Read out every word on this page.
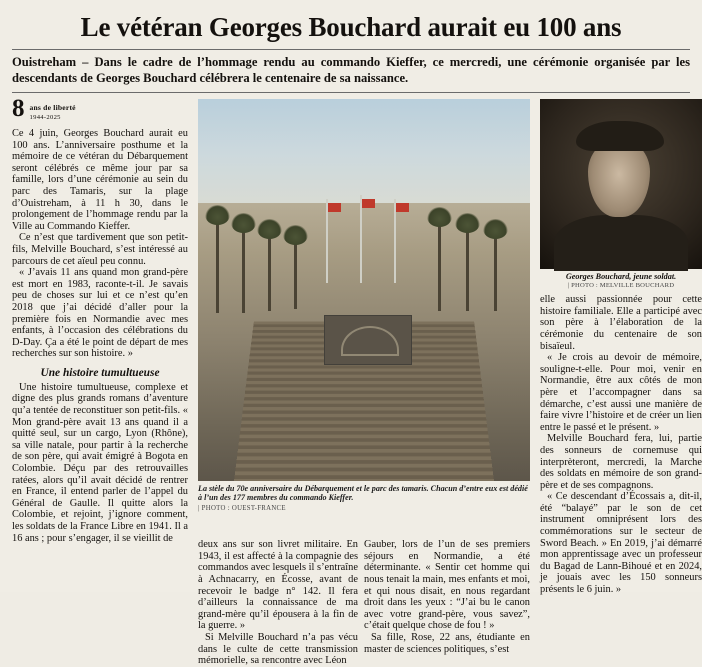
Le vétéran Georges Bouchard aurait eu 100 ans
Ouistreham – Dans le cadre de l’hommage rendu au commando Kieffer, ce mercredi, une cérémonie organisée par les descendants de Georges Bouchard célébrera le centenaire de sa naissance.
8 ans de liberté
1944-2025

Ce 4 juin, Georges Bouchard aurait eu 100 ans. L’anniversaire posthume et la mémoire de ce vétéran du Débarquement seront célébrés ce même jour par sa famille, lors d’une cérémonie au sein du parc des Tamaris, sur la plage d’Ouistreham, à 11 h 30, dans le prolongement de l’hommage rendu par la Ville au Commando Kieffer.

Ce n’est que tardivement que son petit-fils, Melville Bouchard, s’est intéressé au parcours de cet aïeul peu connu.

« J’avais 11 ans quand mon grand-père est mort en 1983, raconte-t-il. Je savais peu de choses sur lui et ce n’est qu’en 2018 que j’ai décidé d’aller pour la première fois en Normandie avec mes enfants, à l’occasion des célébrations du D-Day. Ça a été le point de départ de mes recherches sur son histoire. »

Une histoire tumultueuse

Une histoire tumultueuse, complexe et digne des plus grands romans d’aventure qu’a tentée de reconstituer son petit-fils. « Mon grand-père avait 13 ans quand il a quitté seul, sur un cargo, Lyon (Rhône), sa ville natale, pour partir à la recherche de son père, qui avait émigré à Bogota en Colombie. Déçu par des retrouvailles ratées, alors qu’il avait décidé de rentrer en France, il entend parler de l’appel du Général de Gaulle. Il quitte alors la Colombie, et rejoint, j’ignore comment, les soldats de la France Libre en 1941. Il a 16 ans ; pour s’engager, il se vieillit de

La stèle du 70e anniversaire du Débarquement et le parc des tamaris. Chacun d’entre eux est dédié à l’un des 177 membres du commando Kieffer.
| PHOTO : OUEST-FRANCE

deux ans sur son livret militaire. En 1943, il est affecté à la compagnie des commandos avec lesquels il s’entraîne à Achnacarry, en Écosse, avant de recevoir le badge n° 142. Il fera d’ailleurs la connaissance de ma grand-mère qu’il épousera à la fin de la guerre. »

Si Melville Bouchard n’a pas vécu dans le culte de cette transmission mémorielle, sa rencontre avec Léon

Gauber, lors de l’un de ses premiers séjours en Normandie, a été déterminante. « Sentir cet homme qui nous tenait la main, mes enfants et moi, et qui nous disait, en nous regardant droit dans les yeux : “J’ai bu le canon avec votre grand-père, vous savez”, c’était quelque chose de fou ! »

Sa fille, Rose, 22 ans, étudiante en master de sciences politiques, s’est

Georges Bouchard, jeune soldat.
| PHOTO : MELVILLE BOUCHARD

elle aussi passionnée pour cette histoire familiale. Elle a participé avec son père à l’élaboration de la cérémonie du centenaire de son bisaïeul.

« Je crois au devoir de mémoire, souligne-t-elle. Pour moi, venir en Normandie, être aux côtés de mon père et l’accompagner dans sa démarche, c’est aussi une manière de faire vivre l’histoire et de créer un lien entre le passé et le présent. »

Melville Bouchard fera, lui, partie des sonneurs de cornemuse qui interprèteront, mercredi, la Marche des soldats en mémoire de son grand-père et de ses compagnons.

« Ce descendant d’Écossais a, dit-il, été “balayé” par le son de cet instrument omniprésent lors des commémorations sur le secteur de Sword Beach. » En 2019, j’ai démarré mon apprentissage avec un professeur du Bagad de Lann-Bihoué et en 2024, je jouais avec les 150 sonneurs présents le 6 juin. »
